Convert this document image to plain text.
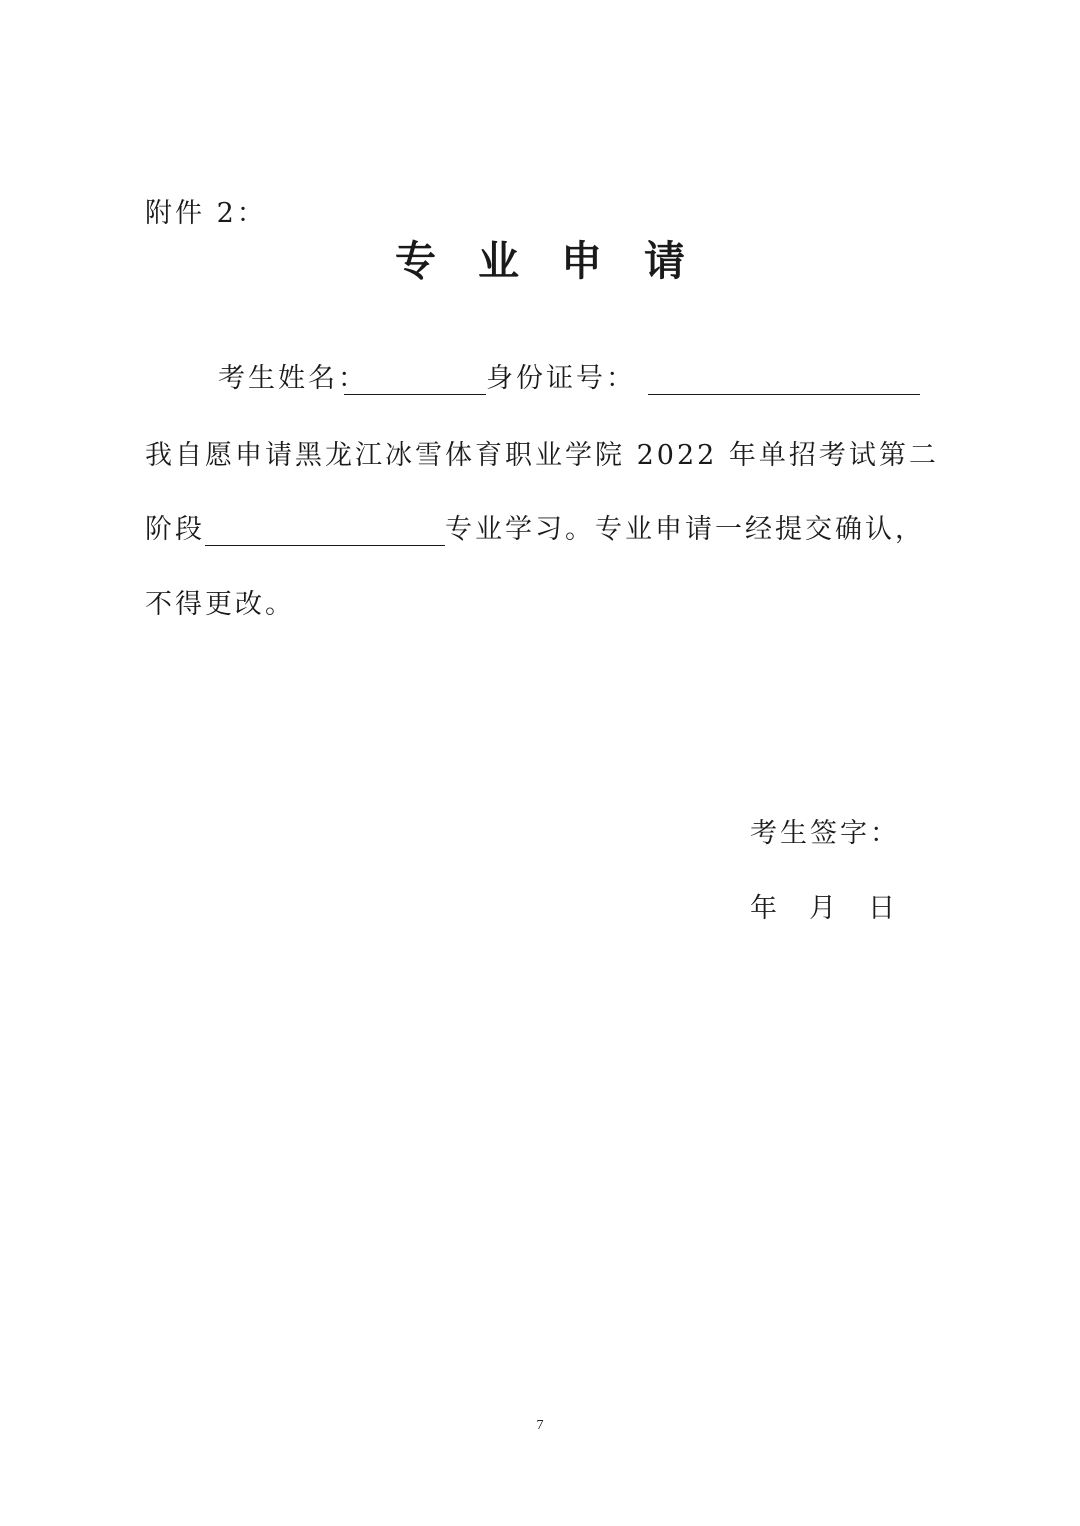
附件 2：
专业申请
考生姓名：	身份证号：
我自愿申请黑龙江冰雪体育职业学院 2022 年单招考试第二
阶段	专业学习。专业申请一经提交确认，
不得更改。
考生签字：
年 月 日
7
